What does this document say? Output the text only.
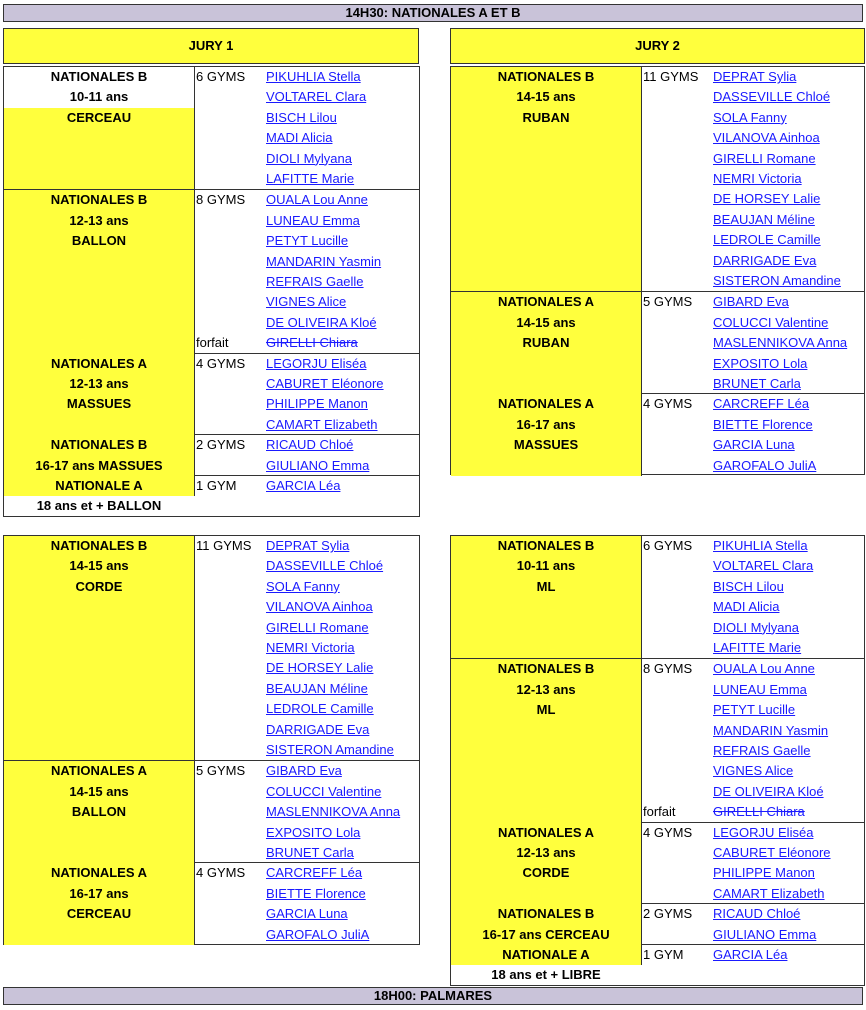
14H30: NATIONALES A ET B
JURY 1	JURY 2
NATIONALES B
10-11 ans
CERCEAU
6 GYMS PIKUHLIA Stella
VOLTAREL Clara
BISCH Lilou
MADI Alicia
DIOLI Mylyana
LAFITTE Marie
NATIONALES B
12-13 ans
BALLON
8 GYMS
forfait
OUALA Lou Anne
LUNEAU Emma
PETYT Lucille
MANDARIN Yasmin
REFRAIS Gaelle
VIGNES Alice
DE OLIVEIRA Kloé
GIRELLI Chiara
NATIONALES A
12-13 ans
MASSUES
4 GYMS LEGORJU Eliséa
CABURET Eléonore
PHILIPPE Manon
CAMART Elizabeth
NATIONALES B
16-17 ans MASSUES
2 GYMS RICAUD Chloé
GIULIANO Emma
NATIONALE A
18 ans et + BALLON
1 GYM GARCIA Léa
NATIONALES B
14-15 ans
RUBAN
11 GYMS DEPRAT Sylia
DASSEVILLE Chloé
SOLA Fanny
VILANOVA Ainhoa
GIRELLI Romane
NEMRI Victoria
DE HORSEY Lalie
BEAUJAN Méline
LEDROLE Camille
DARRIGADE Eva
SISTERON Amandine
NATIONALES A
14-15 ans
RUBAN
5 GYMS GIBARD Eva
COLUCCI Valentine
MASLENNIKOVA Anna
EXPOSITO Lola
BRUNET Carla
NATIONALES A
16-17 ans
MASSUES
4 GYMS CARCREFF Léa
BIETTE Florence
GARCIA Luna
GAROFALO JuliA
NATIONALES B
14-15 ans
CORDE
11 GYMS DEPRAT Sylia
DASSEVILLE Chloé
SOLA Fanny
VILANOVA Ainhoa
GIRELLI Romane
NEMRI Victoria
DE HORSEY Lalie
BEAUJAN Méline
LEDROLE Camille
DARRIGADE Eva
SISTERON Amandine
NATIONALES A
14-15 ans
BALLON
5 GYMS GIBARD Eva
COLUCCI Valentine
MASLENNIKOVA Anna
EXPOSITO Lola
BRUNET Carla
NATIONALES A
16-17 ans
CERCEAU
4 GYMS CARCREFF Léa
BIETTE Florence
GARCIA Luna
GAROFALO JuliA
NATIONALES B
10-11 ans
ML
6 GYMS PIKUHLIA Stella
VOLTAREL Clara
BISCH Lilou
MADI Alicia
DIOLI Mylyana
LAFITTE Marie
NATIONALES B
12-13 ans
ML
8 GYMS
forfait
OUALA Lou Anne
LUNEAU Emma
PETYT Lucille
MANDARIN Yasmin
REFRAIS Gaelle
VIGNES Alice
DE OLIVEIRA Kloé
GIRELLI Chiara
NATIONALES A
12-13 ans
CORDE
4 GYMS LEGORJU Eliséa
CABURET Eléonore
PHILIPPE Manon
CAMART Elizabeth
NATIONALES B
16-17 ans CERCEAU
2 GYMS RICAUD Chloé
GIULIANO Emma
NATIONALE A
18 ans et + LIBRE
1 GYM GARCIA Léa
18H00: PALMARES
